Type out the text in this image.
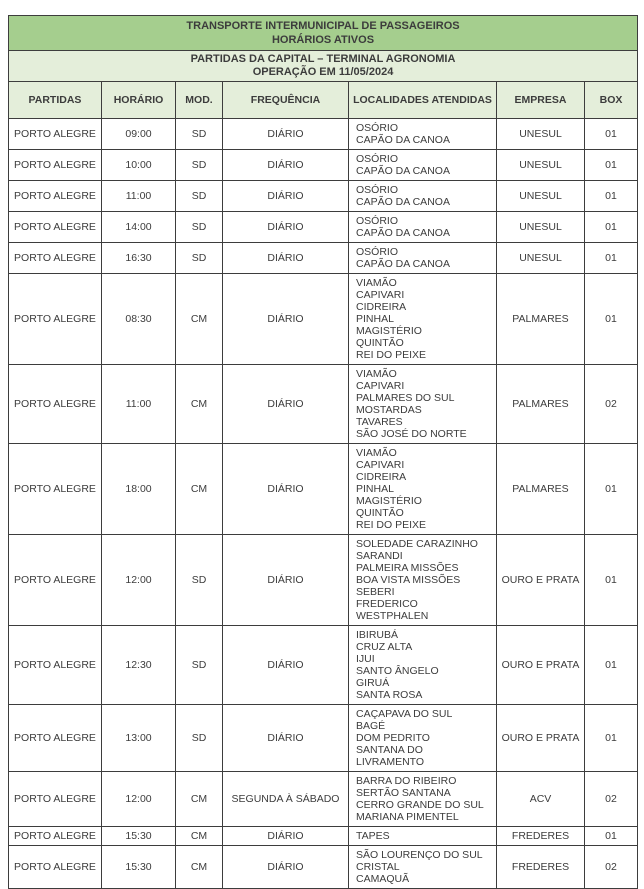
TRANSPORTE INTERMUNICIPAL DE PASSAGEIROS
HORÁRIOS ATIVOS						

PARTIDAS DA CAPITAL – TERMINAL AGRONOMIA
OPERAÇÃO EM 11/05/2024						

PARTIDAS	HORÁRIO	MOD.	FREQUÊNCIA	LOCALIDADES ATENDIDAS	EMPRESA	BOX
PORTO ALEGRE	09:00	SD	DIÁRIO	OSÓRIO
CAPÃO DA CANOA	UNESUL	01
PORTO ALEGRE	10:00	SD	DIÁRIO	OSÓRIO
CAPÃO DA CANOA	UNESUL	01
PORTO ALEGRE	11:00	SD	DIÁRIO	OSÓRIO
CAPÃO DA CANOA	UNESUL	01
PORTO ALEGRE	14:00	SD	DIÁRIO	OSÓRIO
CAPÃO DA CANOA	UNESUL	01
PORTO ALEGRE	16:30	SD	DIÁRIO	OSÓRIO
CAPÃO DA CANOA	UNESUL	01
PORTO ALEGRE	08:30	CM	DIÁRIO	
VIAMÃO
CAPIVARI
CIDREIRA
PINHAL
MAGISTÉRIO
QUINTÃO
REI DO PEIXE
	PALMARES	01
PORTO ALEGRE	11:00	CM	DIÁRIO	
VIAMÃO
CAPIVARI
PALMARES DO SUL
MOSTARDAS
TAVARES
SÃO JOSÉ DO NORTE
	PALMARES	02
PORTO ALEGRE	18:00	CM	DIÁRIO	
VIAMÃO
CAPIVARI
CIDREIRA
PINHAL
MAGISTÉRIO
QUINTÃO
REI DO PEIXE
	PALMARES	01
PORTO ALEGRE	12:00	SD	DIÁRIO	SOLEDADE CARAZINHO
SARANDI
PALMEIRA MISSÕES
BOA VISTA MISSÕES SEBERI
FREDERICO WESTPHALEN	OURO E PRATA	01
PORTO ALEGRE	12:30	SD	DIÁRIO	
IBIRUBÁ
CRUZ ALTA
IJUI
SANTO ÂNGELO
GIRUÁ
SANTA ROSA
	OURO E PRATA	01
PORTO ALEGRE	13:00	SD	DIÁRIO	CAÇAPAVA DO SUL
BAGÉ
DOM PEDRITO
SANTANA DO LIVRAMENTO	OURO E PRATA	01
PORTO ALEGRE	12:00	CM	SEGUNDA À SÁBADO	BARRA DO RIBEIRO
SERTÃO SANTANA
CERRO GRANDE DO SUL
MARIANA PIMENTEL	ACV	02
PORTO ALEGRE	15:30	CM	DIÁRIO	TAPES	FREDERES	01
PORTO ALEGRE	15:30	CM	DIÁRIO	SÃO LOURENÇO DO SUL
CRISTAL
CAMAQUÃ	FREDERES	02
